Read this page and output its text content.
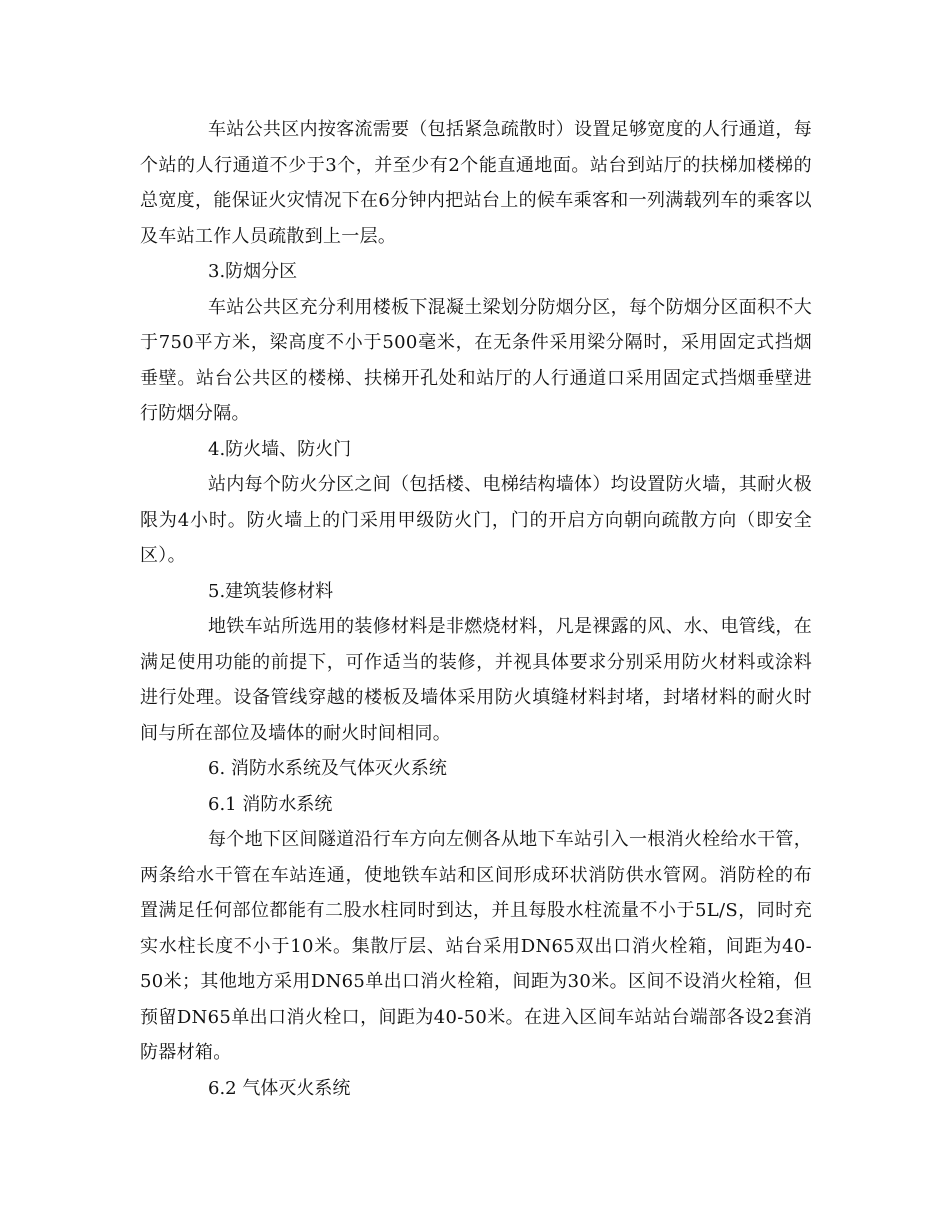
车站公共区内按客流需要（包括紧急疏散时）设置足够宽度的人行通道，每个站的人行通道不少于3个，并至少有2个能直通地面。站台到站厅的扶梯加楼梯的总宽度，能保证火灾情况下在6分钟内把站台上的候车乘客和一列满载列车的乘客以及车站工作人员疏散到上一层。

3.防烟分区

车站公共区充分利用楼板下混凝土梁划分防烟分区，每个防烟分区面积不大于750平方米，梁高度不小于500毫米，在无条件采用梁分隔时，采用固定式挡烟垂壁。站台公共区的楼梯、扶梯开孔处和站厅的人行通道口采用固定式挡烟垂壁进行防烟分隔。

4.防火墙、防火门

站内每个防火分区之间（包括楼、电梯结构墙体）均设置防火墙，其耐火极限为4小时。防火墙上的门采用甲级防火门，门的开启方向朝向疏散方向（即安全区）。

5.建筑装修材料

地铁车站所选用的装修材料是非燃烧材料，凡是裸露的风、水、电管线，在满足使用功能的前提下，可作适当的装修，并视具体要求分别采用防火材料或涂料进行处理。设备管线穿越的楼板及墙体采用防火填缝材料封堵，封堵材料的耐火时间与所在部位及墙体的耐火时间相同。

6. 消防水系统及气体灭火系统

6.1 消防水系统

每个地下区间隧道沿行车方向左侧各从地下车站引入一根消火栓给水干管，两条给水干管在车站连通，使地铁车站和区间形成环状消防供水管网。消防栓的布置满足任何部位都能有二股水柱同时到达，并且每股水柱流量不小于5L/S，同时充实水柱长度不小于10米。集散厅层、站台采用DN65双出口消火栓箱，间距为40-50米；其他地方采用DN65单出口消火栓箱，间距为30米。区间不设消火栓箱，但预留DN65单出口消火栓口，间距为40-50米。在进入区间车站站台端部各设2套消防器材箱。

6.2 气体灭火系统
